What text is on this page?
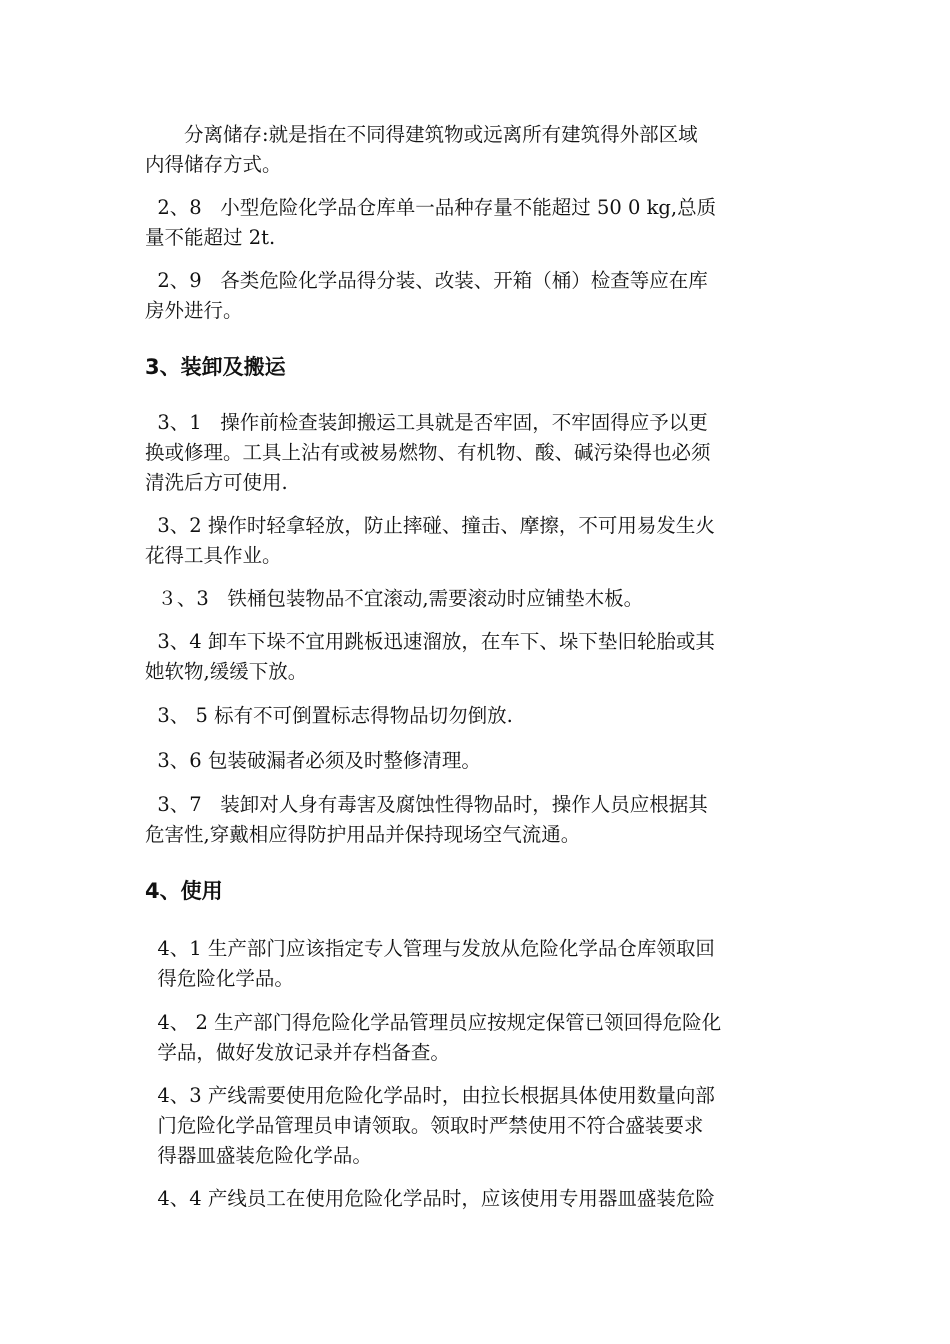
　　分离储存:就是指在不同得建筑物或远离所有建筑得外部区域
内得储存方式。

2、8   小型危险化学品仓库单一品种存量不能超过 50 0 kg,总质
量不能超过 2t.

2、9   各类危险化学品得分装、改装、开箱（桶）检查等应在库
房外进行。

3、装卸及搬运

3、1   操作前检查装卸搬运工具就是否牢固，不牢固得应予以更
换或修理。工具上沾有或被易燃物、有机物、酸、碱污染得也必须
清洗后方可使用.

3、2 操作时轻拿轻放，防止摔碰、撞击、摩擦，不可用易发生火
花得工具作业。

３、3   铁桶包装物品不宜滚动,需要滚动时应铺垫木板。

3、4 卸车下垛不宜用跳板迅速溜放，在车下、垛下垫旧轮胎或其
她软物,缓缓下放。

3、 5 标有不可倒置标志得物品切勿倒放.

3、6 包装破漏者必须及时整修清理。

3、7   装卸对人身有毒害及腐蚀性得物品时，操作人员应根据其
危害性,穿戴相应得防护用品并保持现场空气流通。

4、使用

4、1 生产部门应该指定专人管理与发放从危险化学品仓库领取回
得危险化学品。

4、 2 生产部门得危险化学品管理员应按规定保管已领回得危险化
学品，做好发放记录并存档备查。

4、3 产线需要使用危险化学品时，由拉长根据具体使用数量向部
门危险化学品管理员申请领取。领取时严禁使用不符合盛装要求
得器皿盛装危险化学品。

4、4 产线员工在使用危险化学品时，应该使用专用器皿盛装危险
